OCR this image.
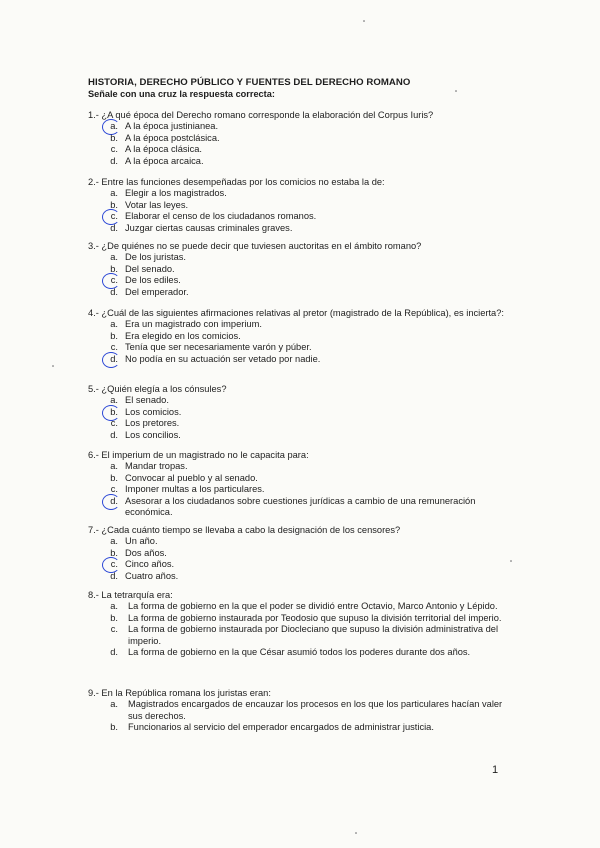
HISTORIA, DERECHO PÚBLICO Y FUENTES DEL DERECHO ROMANO
Señale con una cruz la respuesta correcta:

1.- ¿A qué época del Derecho romano corresponde la elaboración del Corpus Iuris?

a. A la época justinianea.
b. A la época postclásica.
c. A la época clásica.
d. A la época arcaica.

2.- Entre las funciones desempeñadas por los comicios no estaba la de:

a. Elegir a los magistrados.
b. Votar las leyes.
c. Elaborar el censo de los ciudadanos romanos.
d. Juzgar ciertas causas criminales graves.

3.- ¿De quiénes no se puede decir que tuviesen auctoritas en el ámbito romano?

a. De los juristas.
b. Del senado.
c. De los ediles.
d. Del emperador.

4.- ¿Cuál de las siguientes afirmaciones relativas al pretor (magistrado de la República), es incierta?:

a. Era un magistrado con imperium.
b. Era elegido en los comicios.
c. Tenía que ser necesariamente varón y púber.
d. No podía en su actuación ser vetado por nadie.

5.- ¿Quién elegía a los cónsules?

a. El senado.
b. Los comicios.
c. Los pretores.
d. Los concilios.

6.- El imperium de un magistrado no le capacita para:

a. Mandar tropas.
b. Convocar al pueblo y al senado.
c. Imponer multas a los particulares.
d. Asesorar a los ciudadanos sobre cuestiones jurídicas a cambio de una remuneración económica.

7.- ¿Cada cuánto tiempo se llevaba a cabo la designación de los censores?

a. Un año.
b. Dos años.
c. Cinco años.
d. Cuatro años.

8.- La tetrarquía era:

a. La forma de gobierno en la que el poder se dividió entre Octavio, Marco Antonio y Lépido.
b. La forma de gobierno instaurada por Teodosio que supuso la división territorial del imperio.
c. La forma de gobierno instaurada por Diocleciano que supuso la división administrativa del imperio.
d. La forma de gobierno en la que César asumió todos los poderes durante dos años.

9.- En la República romana los juristas eran:

a. Magistrados encargados de encauzar los procesos en los que los particulares hacían valer sus derechos.
b. Funcionarios al servicio del emperador encargados de administrar justicia.
1
